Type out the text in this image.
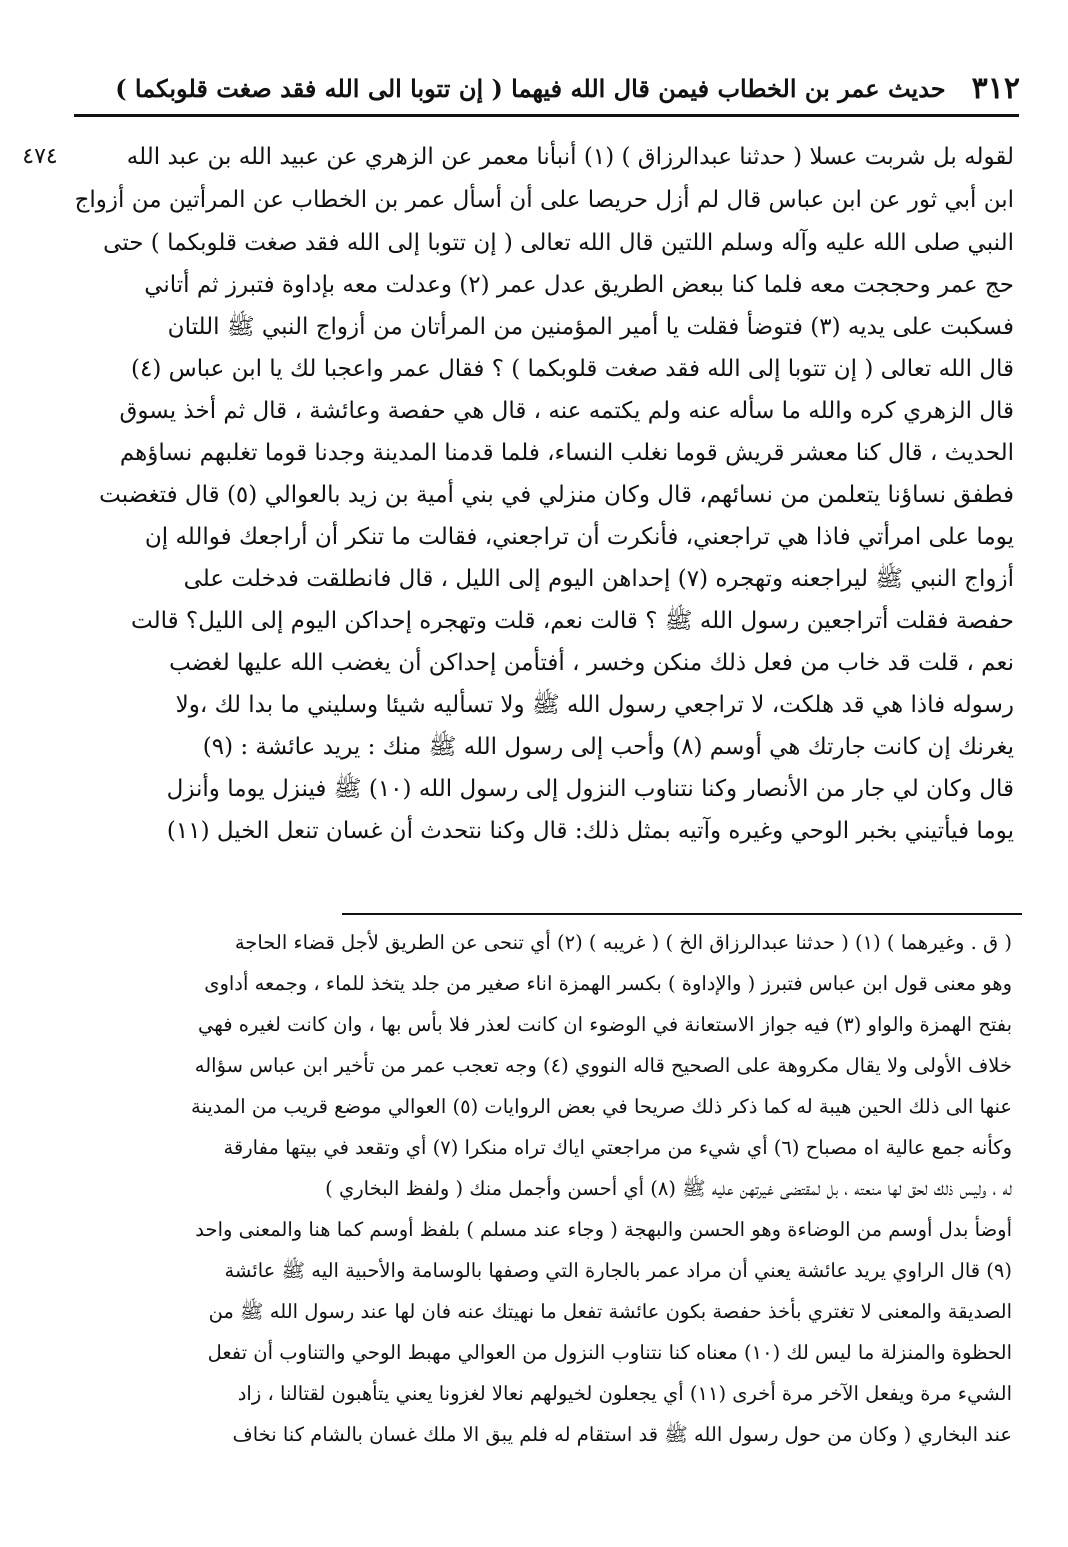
٣١٢
حديث عمر بن الخطاب فيمن قال الله فيهما ( إن تتوبا الى الله فقد صغت قلوبكما )
٤٧٤	لقوله بل شربت عسلا ( حدثنا عبدالرزاق ) (١) أنبأنا معمر عن الزهري عن عبيد الله بن عبد الله
ابن أبي ثور عن ابن عباس قال لم أزل حريصا على أن أسأل عمر بن الخطاب عن المرأتين من أزواج
النبي صلى الله عليه وآله وسلم اللتين قال الله تعالى ( إن تتوبا إلى الله فقد صغت قلوبكما ) حتى
حج عمر وحججت معه فلما كنا ببعض الطريق عدل عمر (٢) وعدلت معه بإداوة فتبرز ثم أتاني
فسكبت على يديه (٣) فتوضأ فقلت يا أمير المؤمنين من المرأتان من أزواج النبي ﷺ اللتان
قال الله تعالى ( إن تتوبا إلى الله فقد صغت قلوبكما ) ؟ فقال عمر واعجبا لك يا ابن عباس (٤)
قال الزهري كره والله ما سأله عنه ولم يكتمه عنه ، قال هي حفصة وعائشة ، قال ثم أخذ يسوق
الحديث ، قال كنا معشر قريش قوما نغلب النساء، فلما قدمنا المدينة وجدنا قوما تغلبهم نساؤهم
فطفق نساؤنا يتعلمن من نسائهم، قال وكان منزلي في بني أمية بن زيد بالعوالي (٥) قال فتغضبت
يوما على امرأتي فاذا هي تراجعني، فأنكرت أن تراجعني، فقالت ما تنكر أن أراجعك فوالله إن
أزواج النبي ﷺ ليراجعنه وتهجره (٧) إحداهن اليوم إلى الليل ، قال فانطلقت فدخلت على
حفصة فقلت أتراجعين رسول الله ﷺ ؟ قالت نعم، قلت وتهجره إحداكن اليوم إلى الليل؟ قالت
نعم ، قلت قد خاب من فعل ذلك منكن وخسر ، أفتأمن إحداكن أن يغضب الله عليها لغضب
رسوله فاذا هي قد هلكت، لا تراجعي رسول الله ﷺ ولا تسأليه شيئا وسليني ما بدا لك ،ولا
يغرنك إن كانت جارتك هي أوسم (٨) وأحب إلى رسول الله ﷺ منك : يريد عائشة : (٩)
قال وكان لي جار من الأنصار وكنا نتناوب النزول إلى رسول الله (١٠) ﷺ فينزل يوما وأنزل
يوما فيأتيني بخبر الوحي وغيره وآتيه بمثل ذلك: قال وكنا نتحدث أن غسان تنعل الخيل (١١)
( ق . وغيرهما ) (١) ( حدثنا عبدالرزاق الخ ) ( غريبه ) (٢) أي تنحى عن الطريق لأجل قضاء الحاجة
وهو معنى قول ابن عباس فتبرز ( والإداوة ) بكسر الهمزة اناء صغير من جلد يتخذ للماء ، وجمعه أداوى
بفتح الهمزة والواو (٣) فيه جواز الاستعانة في الوضوء ان كانت لعذر فلا بأس بها ، وان كانت لغيره فهي
خلاف الأولى ولا يقال مكروهة على الصحيح قاله النووي (٤) وجه تعجب عمر من تأخير ابن عباس سؤاله
عنها الى ذلك الحين هيبة له كما ذكر ذلك صريحا في بعض الروايات (٥) العوالي موضع قريب من المدينة
وكأنه جمع عالية اه مصباح (٦) أي شيء من مراجعتي اياك تراه منكرا (٧) أي وتقعد في بيتها مفارقة
له ، وليس ذلك لحق لها منعته ، بل لمقتضى غيرتهن عليه ﷺ (٨) أي أحسن وأجمل منك ( ولفظ البخاري )
أوضأ بدل أوسم من الوضاءة وهو الحسن والبهجة ( وجاء عند مسلم ) بلفظ أوسم كما هنا والمعنى واحد
(٩) قال الراوي يريد عائشة يعني أن مراد عمر بالجارة التي وصفها بالوسامة والأحبية اليه ﷺ عائشة
الصديقة والمعنى لا تغتري بأخذ حفصة بكون عائشة تفعل ما نهيتك عنه فان لها عند رسول الله ﷺ من
الحظوة والمنزلة ما ليس لك (١٠) معناه كنا نتناوب النزول من العوالي مهبط الوحي والتناوب أن تفعل
الشيء مرة ويفعل الآخر مرة أخرى (١١) أي يجعلون لخيولهم نعالا لغزونا يعني يتأهبون لقتالنا ، زاد
عند البخاري ( وكان من حول رسول الله ﷺ قد استقام له فلم يبق الا ملك غسان بالشام كنا نخاف
